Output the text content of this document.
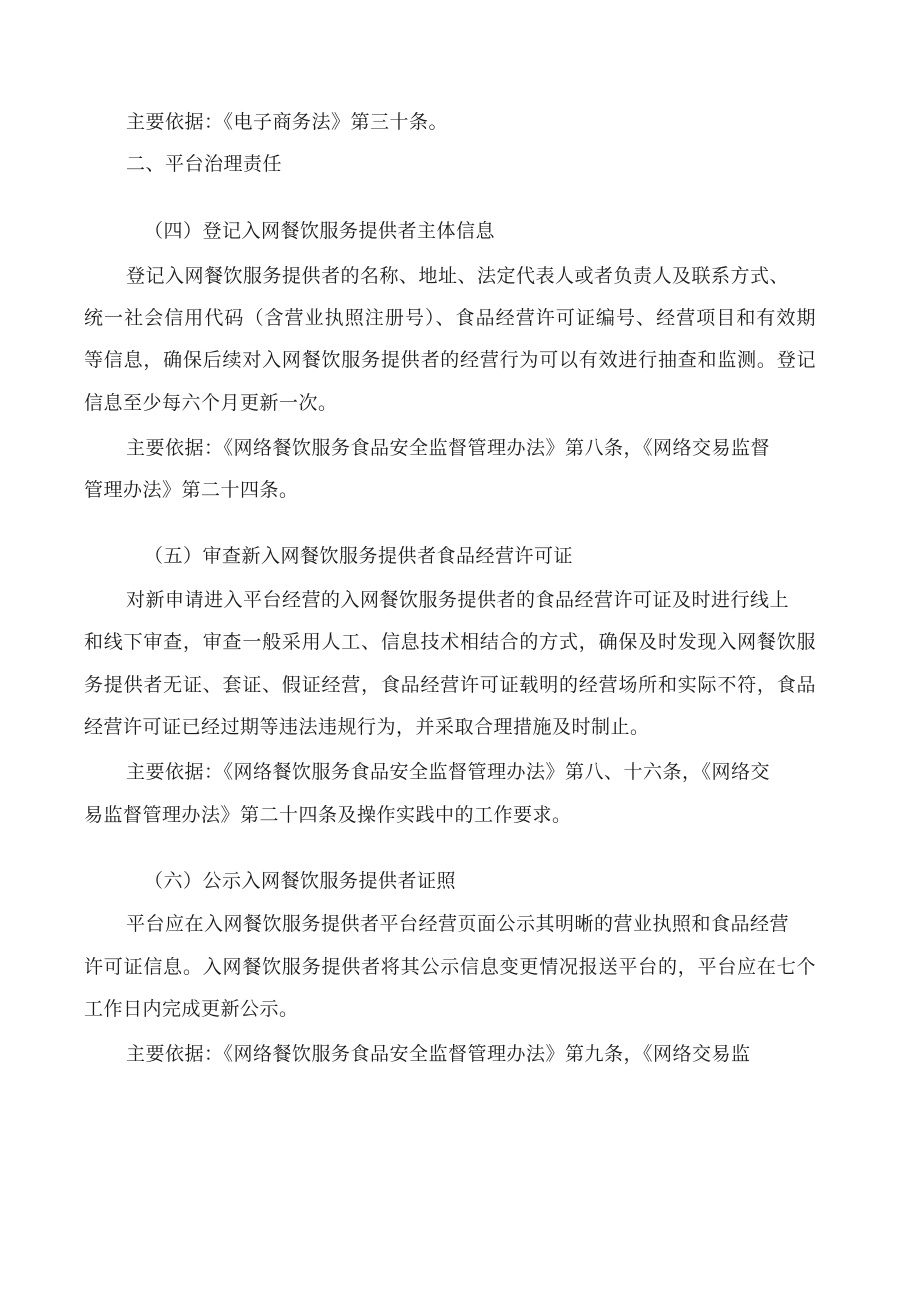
主要依据：《电子商务法》第三十条。
二、平台治理责任
（四）登记入网餐饮服务提供者主体信息
登记入网餐饮服务提供者的名称、地址、法定代表人或者负责人及联系方式、
统一社会信用代码（含营业执照注册号）、食品经营许可证编号、经营项目和有效期
等信息，确保后续对入网餐饮服务提供者的经营行为可以有效进行抽查和监测。登记
信息至少每六个月更新一次。
主要依据：《网络餐饮服务食品安全监督管理办法》第八条，《网络交易监督
管理办法》第二十四条。
（五）审查新入网餐饮服务提供者食品经营许可证
对新申请进入平台经营的入网餐饮服务提供者的食品经营许可证及时进行线上
和线下审查，审查一般采用人工、信息技术相结合的方式，确保及时发现入网餐饮服
务提供者无证、套证、假证经营，食品经营许可证载明的经营场所和实际不符，食品
经营许可证已经过期等违法违规行为，并采取合理措施及时制止。
主要依据：《网络餐饮服务食品安全监督管理办法》第八、十六条，《网络交
易监督管理办法》第二十四条及操作实践中的工作要求。
（六）公示入网餐饮服务提供者证照
平台应在入网餐饮服务提供者平台经营页面公示其明晰的营业执照和食品经营
许可证信息。入网餐饮服务提供者将其公示信息变更情况报送平台的，平台应在七个
工作日内完成更新公示。
主要依据：《网络餐饮服务食品安全监督管理办法》第九条，《网络交易监
